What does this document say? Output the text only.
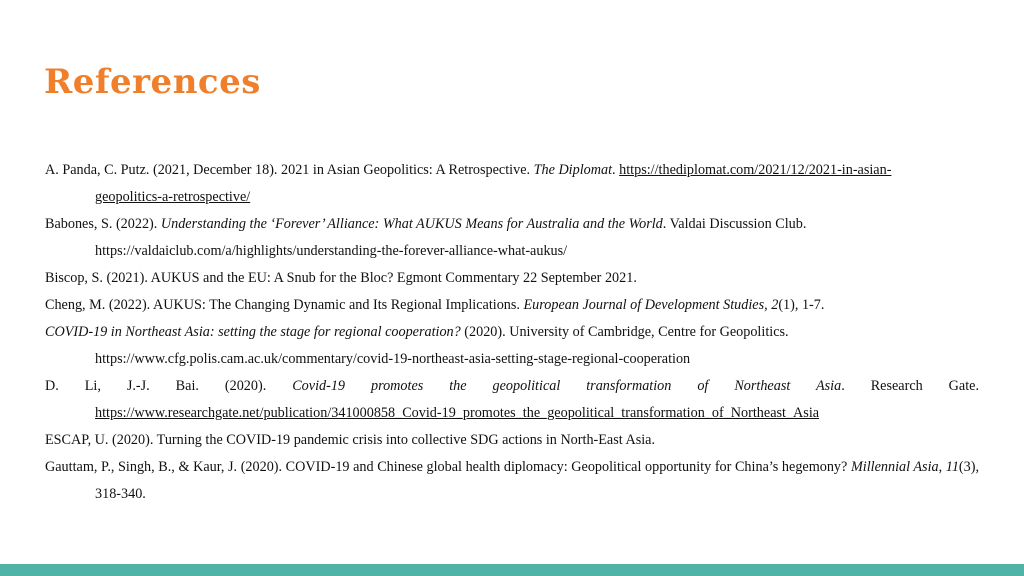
References

A. Panda, C. Putz. (2021, December 18). 2021 in Asian Geopolitics: A Retrospective. The Diplomat. https://thediplomat.com/2021/12/2021-in-asian-
geopolitics-a-retrospective/

Babones, S. (2022). Understanding the ‘Forever’ Alliance: What AUKUS Means for Australia and the World. Valdai Discussion Club.
https://valdaiclub.com/a/highlights/understanding-the-forever-alliance-what-aukus/

Biscop, S. (2021). AUKUS and the EU: A Snub for the Bloc? Egmont Commentary 22 September 2021.

Cheng, M. (2022). AUKUS: The Changing Dynamic and Its Regional Implications. European Journal of Development Studies, 2(1), 1-7.

COVID-19 in Northeast Asia: setting the stage for regional cooperation? (2020). University of Cambridge, Centre for Geopolitics.
https://www.cfg.polis.cam.ac.uk/commentary/covid-19-northeast-asia-setting-stage-regional-cooperation

D. Li, J.-J. Bai. (2020). Covid-19 promotes the geopolitical transformation of Northeast Asia. Research Gate. https://www.researchgate.net/publication/341000858_Covid-19_promotes_the_geopolitical_transformation_of_Northeast_Asia

ESCAP, U. (2020). Turning the COVID-19 pandemic crisis into collective SDG actions in North-East Asia.

Gauttam, P., Singh, B., & Kaur, J. (2020). COVID-19 and Chinese global health diplomacy: Geopolitical opportunity for China’s hegemony? Millennial Asia, 11(3), 318-340.
